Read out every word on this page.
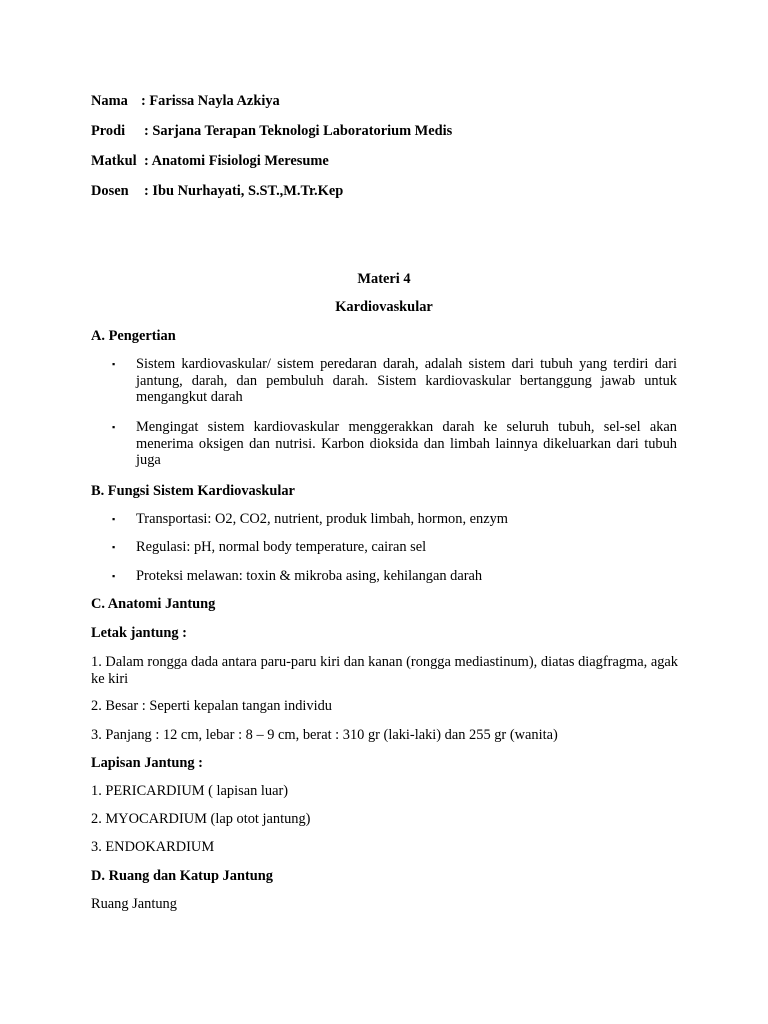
Nama : Farissa Nayla Azkiya
Prodi : Sarjana Terapan Teknologi Laboratorium Medis
Matkul : Anatomi Fisiologi Meresume
Dosen : Ibu Nurhayati, S.ST.,M.Tr.Kep
Materi 4
Kardiovaskular
A. Pengertian
▪ Sistem kardiovaskular/ sistem peredaran darah, adalah sistem dari tubuh yang terdiri dari jantung, darah, dan pembuluh darah. Sistem kardiovaskular bertanggung jawab untuk mengangkut darah
▪ Mengingat sistem kardiovaskular menggerakkan darah ke seluruh tubuh, sel-sel akan menerima oksigen dan nutrisi. Karbon dioksida dan limbah lainnya dikeluarkan dari tubuh juga
B. Fungsi Sistem Kardiovaskular
▪ Transportasi: O2, CO2, nutrient, produk limbah, hormon, enzym
▪ Regulasi: pH, normal body temperature, cairan sel
▪ Proteksi melawan: toxin & mikroba asing, kehilangan darah
C. Anatomi Jantung
Letak jantung :
1. Dalam rongga dada antara paru-paru kiri dan kanan (rongga mediastinum), diatas diagfragma, agak ke kiri
2. Besar : Seperti kepalan tangan individu
3. Panjang : 12 cm, lebar : 8 – 9 cm, berat : 310 gr (laki-laki) dan 255 gr (wanita)
Lapisan Jantung :
1. PERICARDIUM ( lapisan luar)
2. MYOCARDIUM (lap otot jantung)
3. ENDOKARDIUM
D. Ruang dan Katup Jantung
Ruang Jantung
